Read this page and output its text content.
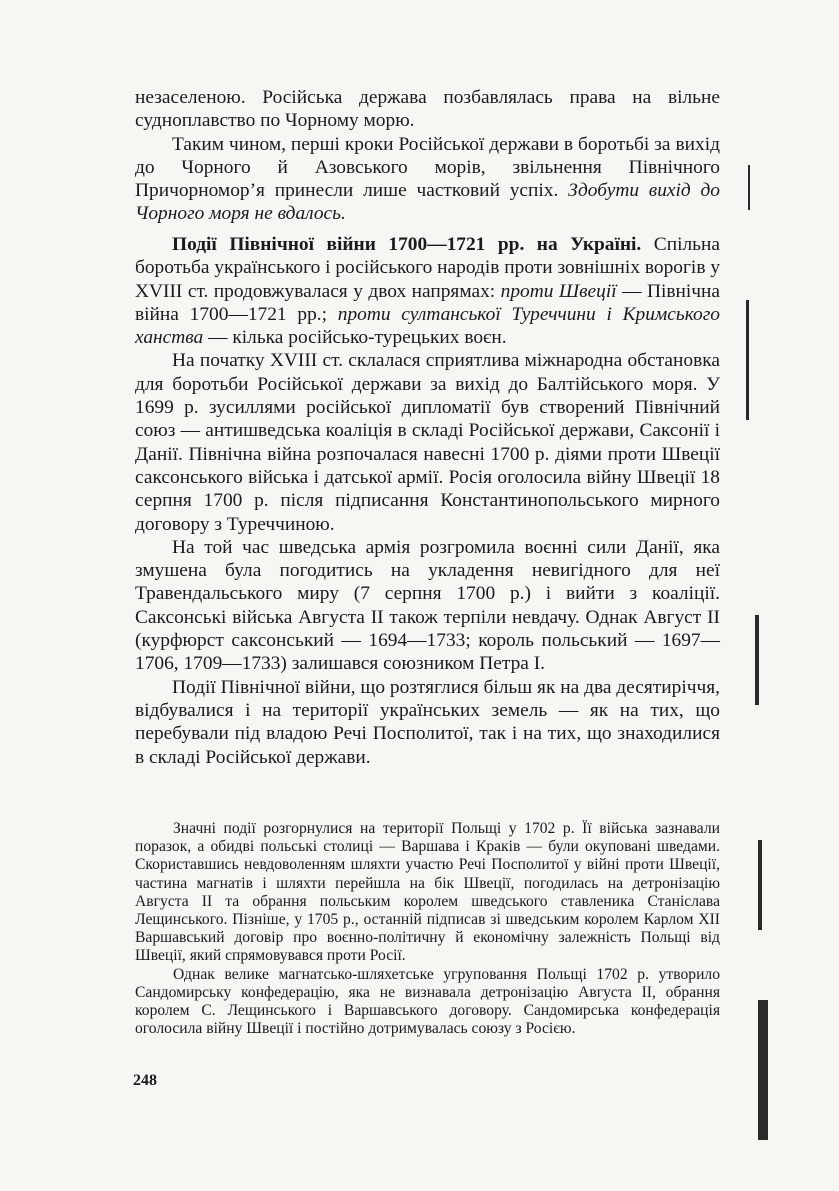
незаселеною. Російська держава позбавлялась права на вільне судноплавство по Чорному морю.

Таким чином, перші кроки Російської держави в боротьбі за вихід до Чорного й Азовського морів, звільнення Північного Причорномор’я принесли лише частковий успіх. Здобути вихід до Чорного моря не вдалось.

Події Північної війни 1700—1721 рр. на Україні. Спільна боротьба українського і російського народів проти зовнішніх ворогів у XVIII ст. продовжувалася у двох напрямах: проти Швеції — Північна війна 1700—1721 рр.; проти султанської Туреччини і Кримського ханства — кілька російсько-турецьких воєн.

На початку XVIII ст. склалася сприятлива міжнародна обстановка для боротьби Російської держави за вихід до Балтійського моря. У 1699 р. зусиллями російської дипломатії був створений Північний союз — антишведська коаліція в складі Російської держави, Саксонії і Данії. Північна війна розпочалася навесні 1700 р. діями проти Швеції саксонського війська і датської армії. Росія оголосила війну Швеції 18 серпня 1700 р. після підписання Константинопольського мирного договору з Туреччиною.

На той час шведська армія розгромила воєнні сили Данії, яка змушена була погодитись на укладення невигідного для неї Травендальського миру (7 серпня 1700 р.) і вийти з коаліції. Саксонські війська Августа II також терпіли невдачу. Однак Август II (курфюрст саксонський — 1694—1733; король польський — 1697—1706, 1709—1733) залишався союзником Петра I.

Події Північної війни, що розтяглися більш як на два десятиріччя, відбувалися і на території українських земель — як на тих, що перебували під владою Речі Посполитої, так і на тих, що знаходилися в складі Російської держави.

Значні події розгорнулися на території Польщі у 1702 р. Її війська зазнавали поразок, а обидві польські столиці — Варшава і Краків — були окуповані шведами. Скориставшись невдоволенням шляхти участю Речі Посполитої у війні проти Швеції, частина магнатів і шляхти перейшла на бік Швеції, погодилась на детронізацію Августа II та обрання польським королем шведського ставленика Станіслава Лещинського. Пізніше, у 1705 р., останній підписав зі шведським королем Карлом XII Варшавський договір про воєнно-політичну й економічну залежність Польщі від Швеції, який спрямовувався проти Росії.

Однак велике магнатсько-шляхетське угруповання Польщі 1702 р. утворило Сандомирську конфедерацію, яка не визнавала детронізацію Августа II, обрання королем С. Лещинського і Варшавського договору. Сандомирська конфедерація оголосила війну Швеції і постійно дотримувалась союзу з Росією.

248
